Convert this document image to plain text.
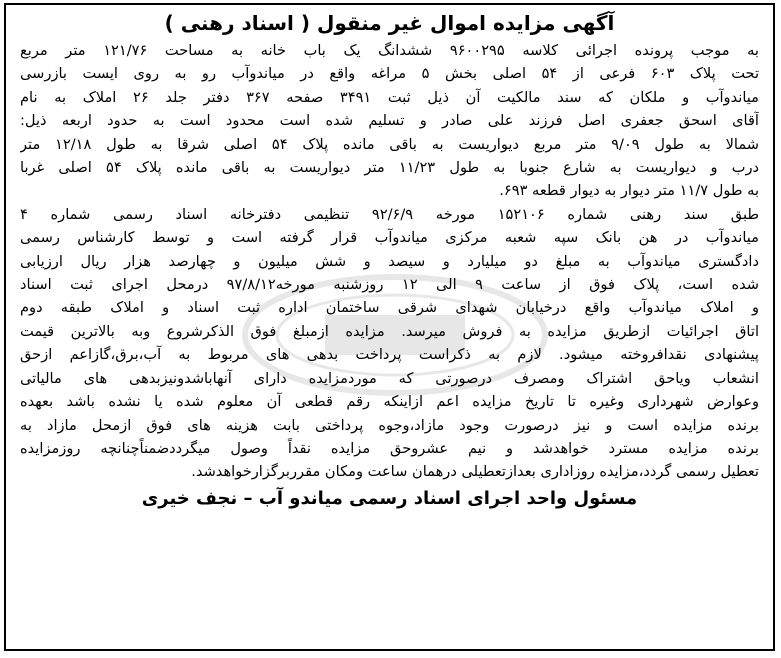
آگهی مزایده اموال غیر منقول ( اسناد رهنی )
به موجب پرونده اجرائی کلاسه ۹۶۰۰۲۹۵ ششدانگ یک باب خانه به مساحت ۱۲۱/۷۶ متر مربع
تحت پلاک ۶۰۳ فرعی از ۵۴ اصلی بخش ۵ مراغه واقع در میاندوآب رو به روی ایست بازرسی
میاندوآب و ملکان که سند مالکیت آن ذیل ثبت ۳۴۹۱ صفحه ۳۶۷ دفتر جلد ۲۶ املاک به نام
آقای اسحق جعفری اصل فرزند علی صادر و تسلیم شده است محدود است به حدود اربعه ذیل:
شمالا به طول ۹/۰۹ متر مربع دیواریست به باقی مانده پلاک ۵۴ اصلی شرقا به طول ۱۲/۱۸ متر
درب و دیواریست به شارع جنوبا به طول ۱۱/۲۳ متر دیواریست به باقی مانده پلاک ۵۴ اصلی غربا
به طول ۱۱/۷ متر دیوار به دیوار قطعه ۶۹۳.
طبق سند رهنی شماره ۱۵۲۱۰۶ مورخه ۹۲/۶/۹ تنظیمی دفترخانه اسناد رسمی شماره ۴
میاندوآب در هن بانک سپه شعبه مرکزی میاندوآب قرار گرفته است و توسط کارشناس رسمی
دادگستری میاندوآب به مبلغ دو میلیارد و سیصد و شش میلیون و چهارصد هزار ریال ارزیابی
شده است، پلاک فوق از ساعت ۹ الی ۱۲ روزشنبه مورخه۹۷/۸/۱۲ درمحل اجرای ثبت اسناد
و املاک میاندوآب واقع درخیابان شهدای شرقی ساختمان اداره ثبت اسناد و املاک طبقه دوم
اتاق اجرائیات ازطریق مزایده به فروش میرسد. مزایده ازمبلغ فوق الذکرشروع وبه بالاترین قیمت
پیشنهادی نقدافروخته میشود. لازم به ذکراست پرداخت بدهی های مربوط به آب،برق،گازاعم ازحق
انشعاب وياحق اشتراک ومصرف درصورتی که موردمزایده دارای آنهاباشدونیزبدهی های مالیاتی
وعوارض شهرداری وغیره تا تاریخ مزایده اعم ازاینکه رقم قطعی آن معلوم شده یا نشده باشد بعهده
برنده مزایده است و نیز درصورت وجود مازاد،وجوه پرداختی بابت هزینه های فوق ازمحل مازاد به
برنده مزایده مسترد خواهدشد و نیم عشروحق مزایده نقداً وصول میگرددضمناًچنانچه روزمزایده
تعطیل رسمی گردد،مزایده روزاداری بعدازتعطیلی درهمان ساعت ومکان مقرربرگزارخواهدشد.
مسئول واحد اجرای اسناد رسمی میاندو آب – نجف خیری
